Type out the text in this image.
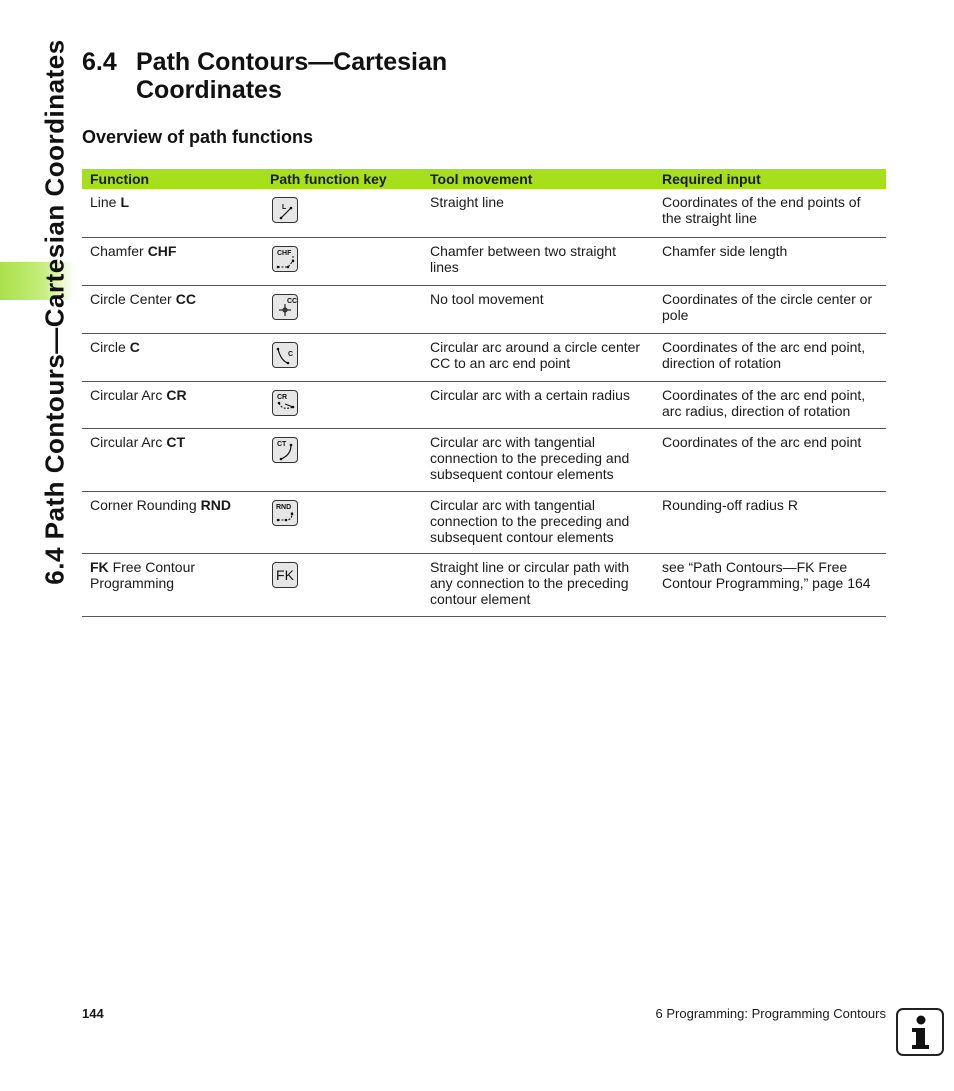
6.4 Path Contours—Cartesian Coordinates 6.4 Path Contours—Cartesian
Coordinates
Overview of path functions
Function	Path function key	Tool movement	Required input
Line L	L	Straight line	Coordinates of the end points of the straight line
Chamfer CHF	CHF	Chamfer between two straight lines	Chamfer side length
Circle Center CC	CC	No tool movement	Coordinates of the circle center or pole
Circle C	C	Circular arc around a circle center CC to an arc end point	Coordinates of the arc end point, direction of rotation
Circular Arc CR	CR	Circular arc with a certain radius	Coordinates of the arc end point, arc radius, direction of rotation
Circular Arc CT	CT	Circular arc with tangential connection to the preceding and subsequent contour elements	Coordinates of the arc end point
Corner Rounding RND	RND	Circular arc with tangential connection to the preceding and subsequent contour elements	Rounding-off radius R
FK Free Contour Programming	FK	Straight line or circular path with any connection to the preceding contour element	see “Path Contours—FK Free Contour Programming,” page 164
144	6 Programming: Programming Contours
